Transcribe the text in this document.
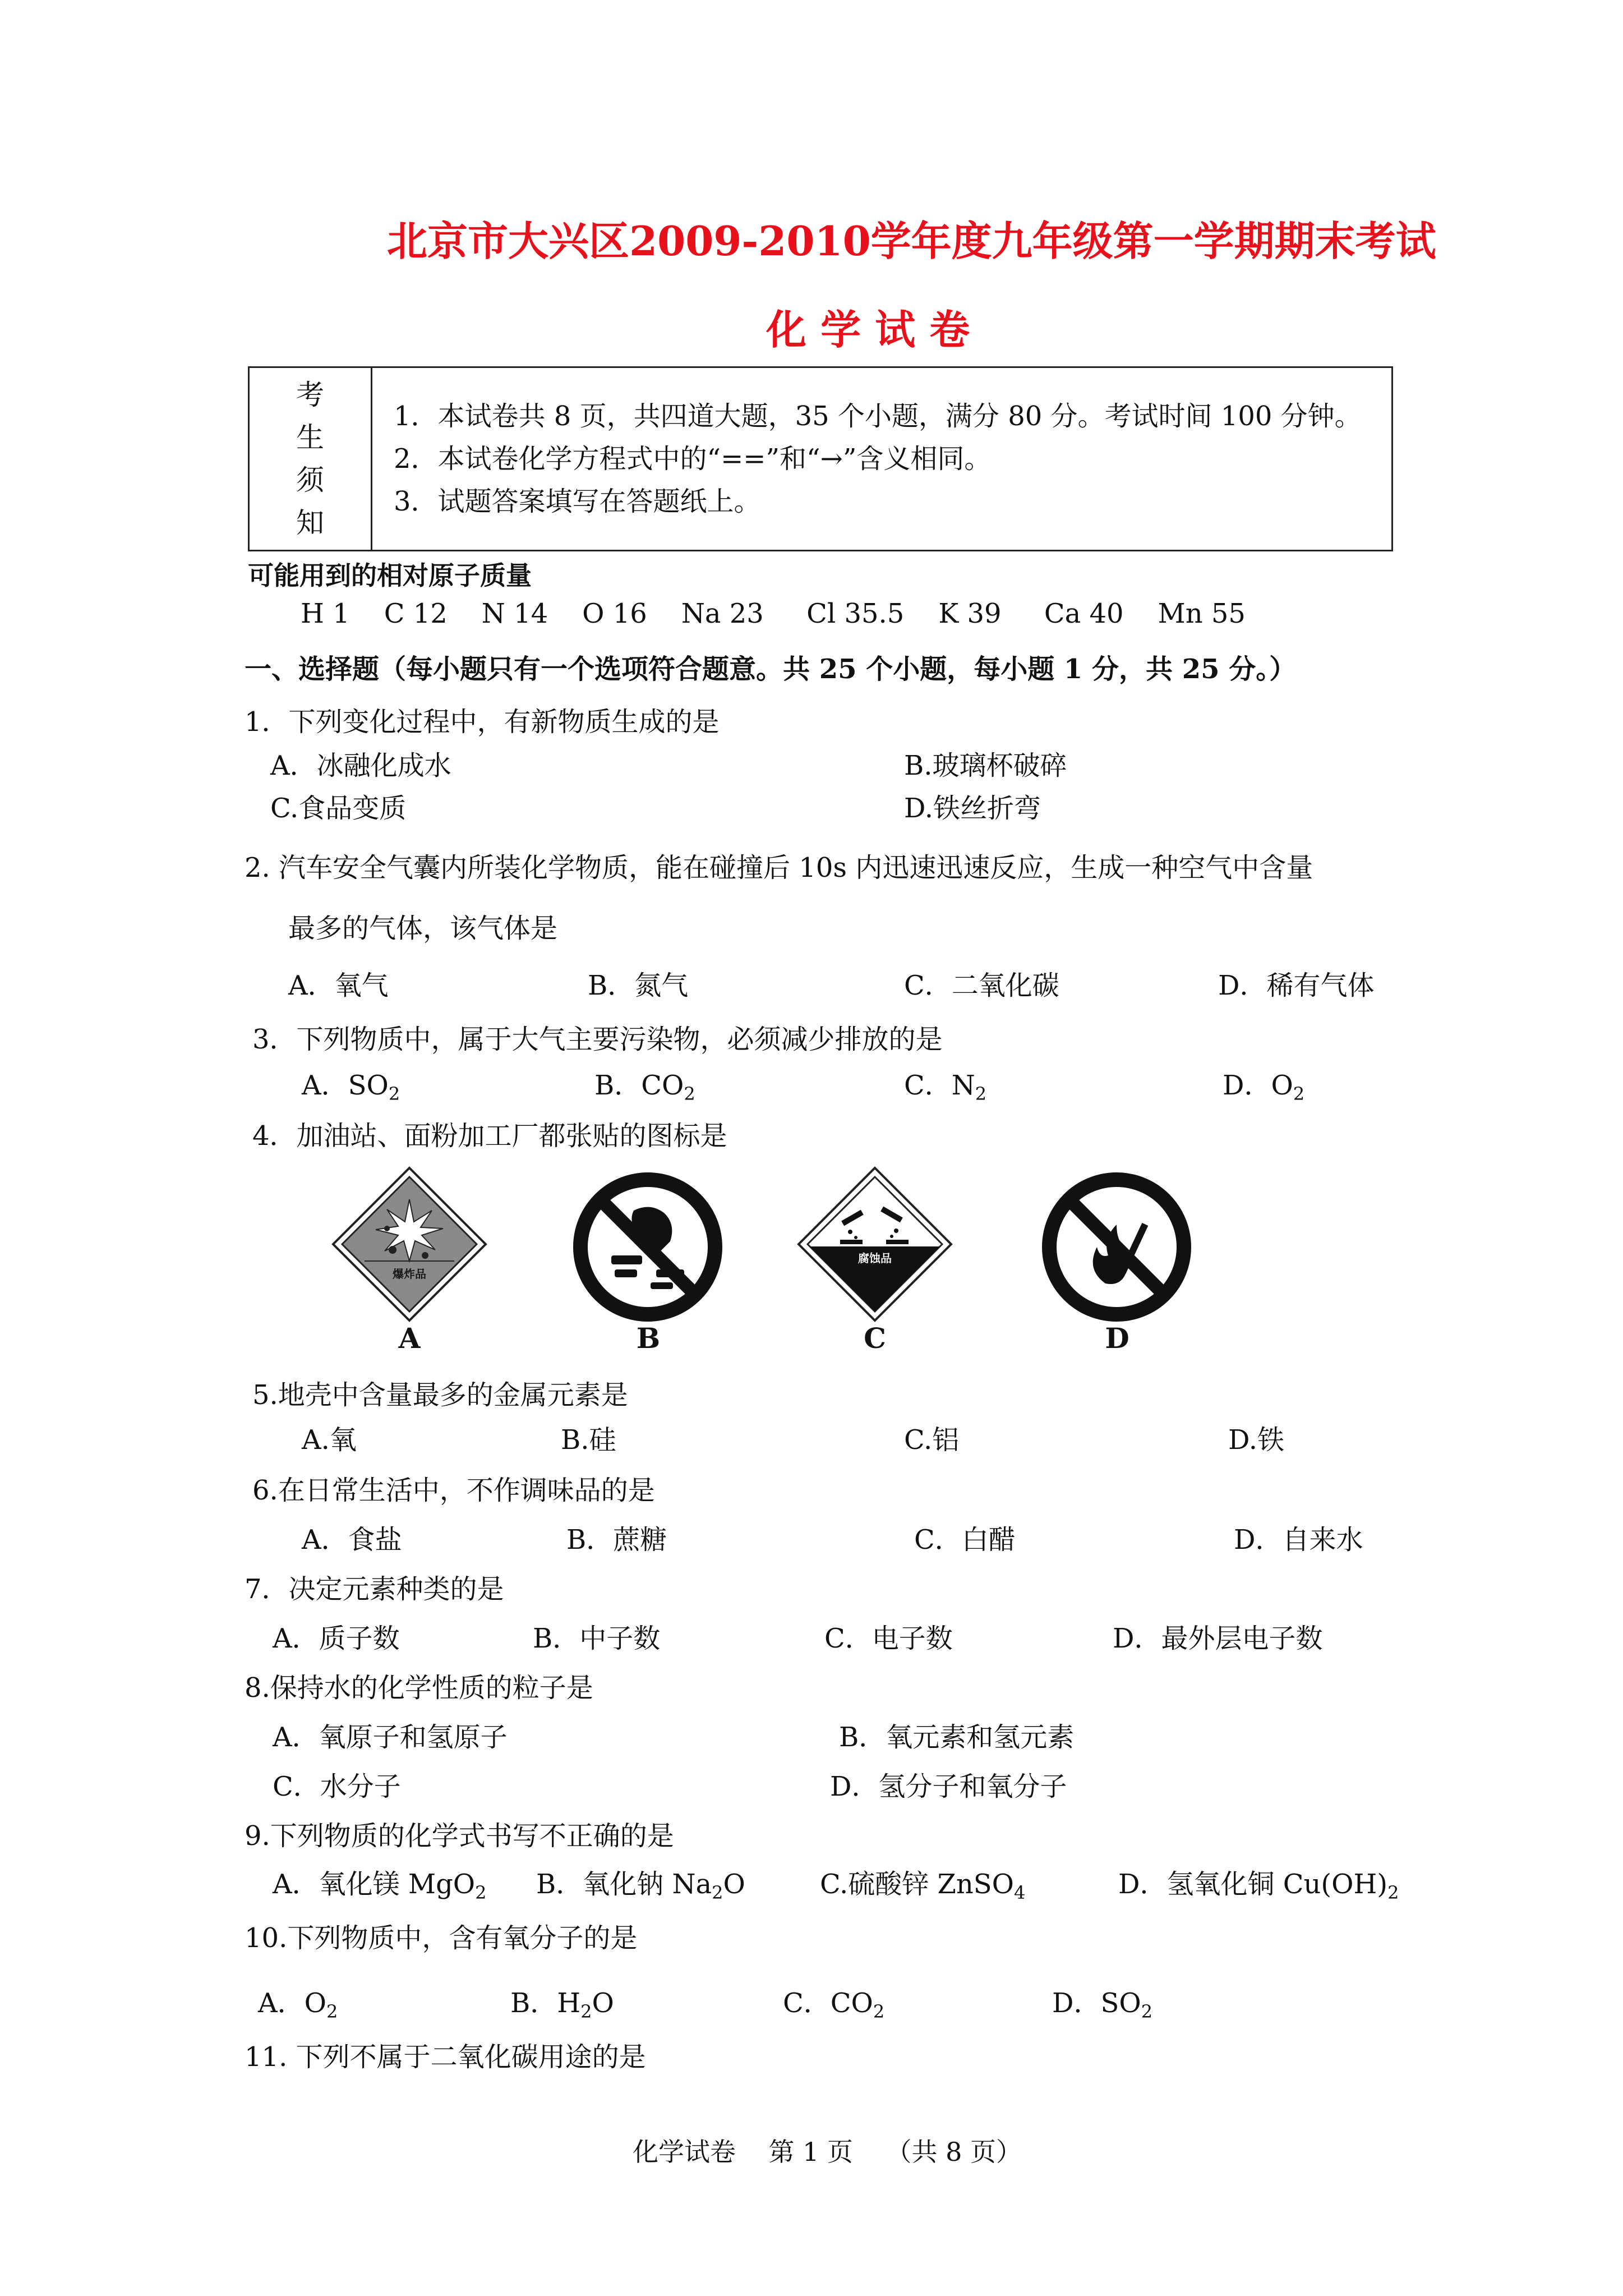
北京市大兴区2009-2010学年度九年级第一学期期末考试
化 学 试 卷
考
生
须
知

1．本试卷共 8 页，共四道大题，35 个小题，满分 80 分。考试时间 100 分钟。
2．本试卷化学方程式中的“==”和“→”含义相同。
3．试题答案填写在答题纸上。
可能用到的相对原子质量
H 1    C 12    N 14    O 16    Na 23     Cl 35.5    K 39     Ca 40    Mn 55
一、选择题（每小题只有一个选项符合题意。共 25 个小题，每小题 1 分，共 25 分。）
1．下列变化过程中，有新物质生成的是
A．冰融化成水	B.玻璃杯破碎
C.食品变质	D.铁丝折弯
2. 汽车安全气囊内所装化学物质，能在碰撞后 10s 内迅速迅速反应，生成一种空气中含量
最多的气体，该气体是
A．氧气	B．氮气	C．二氧化碳	D．稀有气体
3．下列物质中，属于大气主要污染物，必须减少排放的是
A．$SO_2$	B．$CO_2$	C．$N_2$	D．$O_2$
4．加油站、面粉加工厂都张贴的图标是
爆炸品
腐蚀品
A	B	C	D
5.地壳中含量最多的金属元素是
A.氧	B.硅	C.铝	D.铁
6.在日常生活中，不作调味品的是
A．食盐	B．蔗糖	C．白醋	D．自来水
7．决定元素种类的是
A．质子数	B．中子数	C．电子数	D．最外层电子数
8.保持水的化学性质的粒子是
A．氧原子和氢原子	B．氧元素和氢元素
C．水分子	D．氢分子和氧分子
9.下列物质的化学式书写不正确的是
A．氧化镁 MgO$_2$ B．氧化钠 $Na_2O$	C.硫酸锌 ZnSO$_4$	D．氢氧化铜 $Cu(OH)_2$
10.下列物质中，含有氧分子的是
A．$O_2$	B．$H_2O$	C．$CO_2$	D．$SO_2$
11. 下列不属于二氧化碳用途的是
化学试卷    第 1 页    （共 8 页）
